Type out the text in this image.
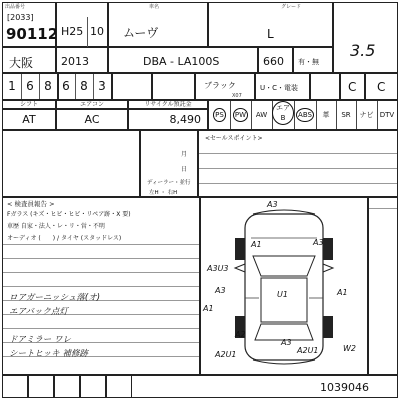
出品番号
[2033]
90112 H25 10
車名
ムーヴ
グレード
L
3.5
大阪	2013	DBA - LA100S	660 有・無
1 6 8 6 8 3	ブラック
X07
U・C・電装	C C
シフト	エアコン	リサイクル預託金
AT	AC	8,490	PS	PW	AW
エアB	ABS	革	SR	ナビ DTV
月
日
ディーラー・並行
左H ・ 右H
<セールスポイント>
< 検査員報告 >
Fガラス (キズ・ヒビ・ヒビ・リペア跡・X 要)
車歴 自家・法人・レ・リ・営・不明
オーディオ (　　) / タイヤ (スタッドレス)
ロアガーニッシュ落(オ)
エアバック点灯
ドアミラー ワレ
シートヒッキ 補修跡
A3
A1	A3
A3U3
A3	U1	A1
A1
A2
A3
A2U1	A2U1	W2
1039046
